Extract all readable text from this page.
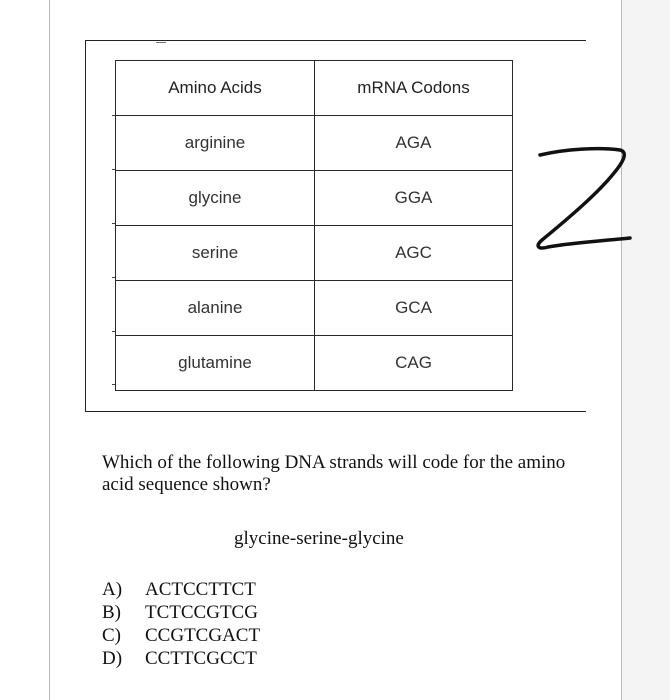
Amino Acids	mRNA Codons
arginine	AGA
glycine	GGA
serine	AGC
alanine	GCA
glutamine	CAG
Which of the following DNA strands will code for the amino acid sequence shown?
glycine-serine-glycine
A)	ACTCCTTCT
B)	TCTCCGTCG
C)	CCGTCGACT
D)	CCTTCGCCT
